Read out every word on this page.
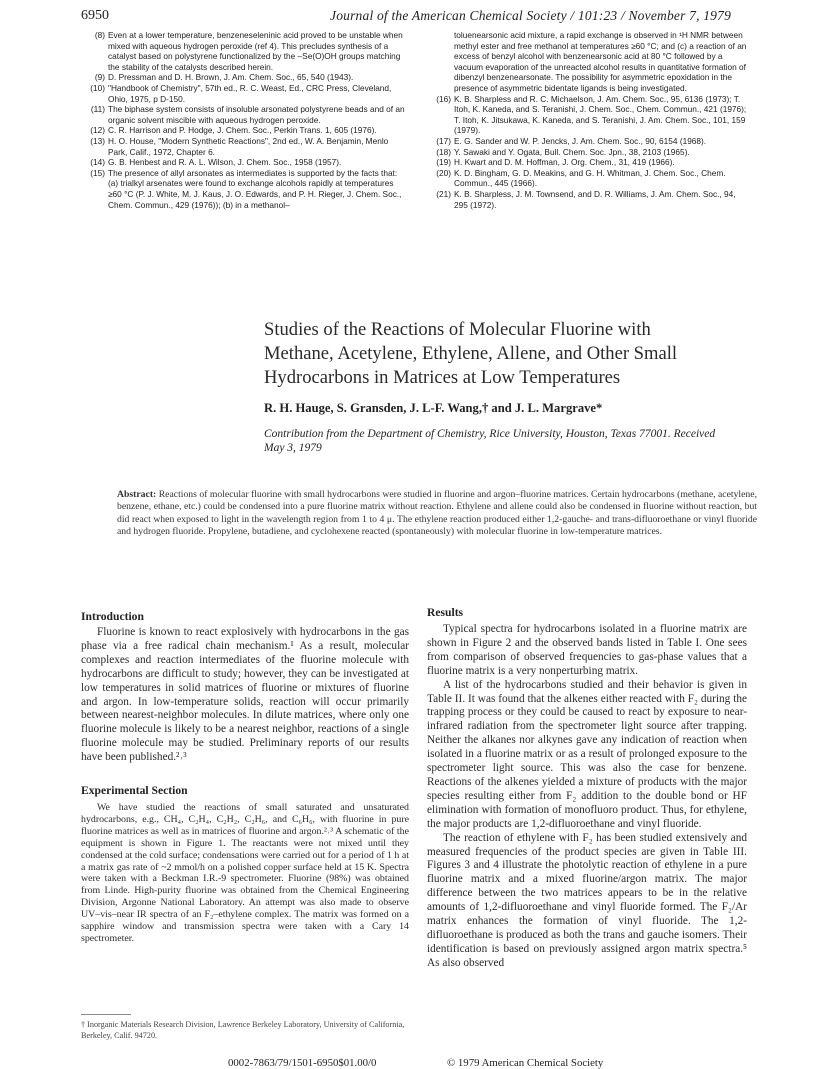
6950	Journal of the American Chemical Society / 101:23 / November 7, 1979
(8) Even at a lower temperature, benzeneseleninic acid proved to be unstable when mixed with aqueous hydrogen peroxide (ref 4). This precludes synthesis of a catalyst based on polystyrene functionalized by the –Se(O)OH groups matching the stability of the catalysts described herein.
(9) D. Pressman and D. H. Brown, J. Am. Chem. Soc., 65, 540 (1943).
(10) "Handbook of Chemistry", 57th ed., R. C. Weast, Ed., CRC Press, Cleveland, Ohio, 1975, p D-150.
(11) The biphase system consists of insoluble arsonated polystyrene beads and of an organic solvent miscible with aqueous hydrogen peroxide.
(12) C. R. Harrison and P. Hodge, J. Chem. Soc., Perkin Trans. 1, 605 (1976).
(13) H. O. House, "Modern Synthetic Reactions", 2nd ed., W. A. Benjamin, Menlo Park, Calif., 1972, Chapter 6.
(14) G. B. Henbest and R. A. L. Wilson, J. Chem. Soc., 1958 (1957).
(15) The presence of allyl arsonates as intermediates is supported by the facts that: (a) trialkyl arsenates were found to exchange alcohols rapidly at temperatures ≥60 °C (P. J. White, M. J. Kaus, J. O. Edwards, and P. H. Rieger, J. Chem. Soc., Chem. Commun., 429 (1976)); (b) in a methanol–

toluenearsonic acid mixture, a rapid exchange is observed in ¹H NMR between methyl ester and free methanol at temperatures ≥60 °C; and (c) a reaction of an excess of benzyl alcohol with benzenearsonic acid at 80 °C followed by a vacuum evaporation of the unreacted alcohol results in quantitative formation of dibenzyl benzenearsonate. The possibility for asymmetric epoxidation in the presence of asymmetric bidentate ligands is being investigated.

(16) K. B. Sharpless and R. C. Michaelson, J. Am. Chem. Soc., 95, 6136 (1973); T. Itoh, K. Kaneda, and S. Teranishi, J. Chem. Soc., Chem. Commun., 421 (1976); T. Itoh, K. Jitsukawa, K. Kaneda, and S. Teranishi, J. Am. Chem. Soc., 101, 159 (1979).
(17) E. G. Sander and W. P. Jencks, J. Am. Chem. Soc., 90, 6154 (1968).
(18) Y. Sawaki and Y. Ogata, Bull. Chem. Soc. Jpn., 38, 2103 (1965).
(19) H. Kwart and D. M. Hoffman, J. Org. Chem., 31, 419 (1966).
(20) K. D. Bingham, G. D. Meakins, and G. H. Whitman, J. Chem. Soc., Chem. Commun., 445 (1966).
(21) K. B. Sharpless, J. M. Townsend, and D. R. Williams, J. Am. Chem. Soc., 94, 295 (1972).
Studies of the Reactions of Molecular Fluorine with Methane, Acetylene, Ethylene, Allene, and Other Small Hydrocarbons in Matrices at Low Temperatures
R. H. Hauge, S. Gransden, J. L-F. Wang,† and J. L. Margrave*
Contribution from the Department of Chemistry, Rice University, Houston, Texas 77001. Received May 3, 1979
Abstract: Reactions of molecular fluorine with small hydrocarbons were studied in fluorine and argon–fluorine matrices. Certain hydrocarbons (methane, acetylene, benzene, ethane, etc.) could be condensed into a pure fluorine matrix without reaction. Ethylene and allene could also be condensed in fluorine without reaction, but did react when exposed to light in the wavelength region from 1 to 4 μ. The ethylene reaction produced either 1,2-gauche- and trans-difluoroethane or vinyl fluoride and hydrogen fluoride. Propylene, butadiene, and cyclohexene reacted (spontaneously) with molecular fluorine in low-temperature matrices.
Introduction

Fluorine is known to react explosively with hydrocarbons in the gas phase via a free radical chain mechanism.¹ As a result, molecular complexes and reaction intermediates of the fluorine molecule with hydrocarbons are difficult to study; however, they can be investigated at low temperatures in solid matrices of fluorine or mixtures of fluorine and argon. In low-temperature solids, reaction will occur primarily between nearest-neighbor molecules. In dilute matrices, where only one fluorine molecule is likely to be a nearest neighbor, reactions of a single fluorine molecule may be studied. Preliminary reports of our results have been published.²˒³

Experimental Section

We have studied the reactions of small saturated and unsaturated hydrocarbons, e.g., CH₄, C₂H₄, C₂H₂, C₂H₆, and C₆H₆, with fluorine in pure fluorine matrices as well as in matrices of fluorine and argon.²˒³ A schematic of the equipment is shown in Figure 1. The reactants were not mixed until they condensed at the cold surface; condensations were carried out for a period of 1 h at a matrix gas rate of ~2 mmol/h on a polished copper surface held at 15 K. Spectra were taken with a Beckman I.R.-9 spectrometer. Fluorine (98%) was obtained from Linde. High-purity fluorine was obtained from the Chemical Engineering Division, Argonne National Laboratory. An attempt was also made to observe UV–vis–near IR spectra of an F₂–ethylene complex. The matrix was formed on a sapphire window and transmission spectra were taken with a Cary 14 spectrometer.

Results

Typical spectra for hydrocarbons isolated in a fluorine matrix are shown in Figure 2 and the observed bands listed in Table I. One sees from comparison of observed frequencies to gas-phase values that a fluorine matrix is a very nonperturbing matrix.

A list of the hydrocarbons studied and their behavior is given in Table II. It was found that the alkenes either reacted with F₂ during the trapping process or they could be caused to react by exposure to near-infrared radiation from the spectrometer light source after trapping. Neither the alkanes nor alkynes gave any indication of reaction when isolated in a fluorine matrix or as a result of prolonged exposure to the spectrometer light source. This was also the case for benzene. Reactions of the alkenes yielded a mixture of products with the major species resulting either from F₂ addition to the double bond or HF elimination with formation of monofluoro product. Thus, for ethylene, the major products are 1,2-difluoroethane and vinyl fluoride.

The reaction of ethylene with F₂ has been studied extensively and measured frequencies of the product species are given in Table III. Figures 3 and 4 illustrate the photolytic reaction of ethylene in a pure fluorine matrix and a mixed fluorine/argon matrix. The major difference between the two matrices appears to be in the relative amounts of 1,2-difluoroethane and vinyl fluoride formed. The F₂/Ar matrix enhances the formation of vinyl fluoride. The 1,2-difluoroethane is produced as both the trans and gauche isomers. Their identification is based on previously assigned argon matrix spectra.⁵ As also observed

† Inorganic Materials Research Division, Lawrence Berkeley Laboratory, University of California, Berkeley, Calif. 94720.
0002-7863/79/1501-6950$01.00/0	© 1979 American Chemical Society
